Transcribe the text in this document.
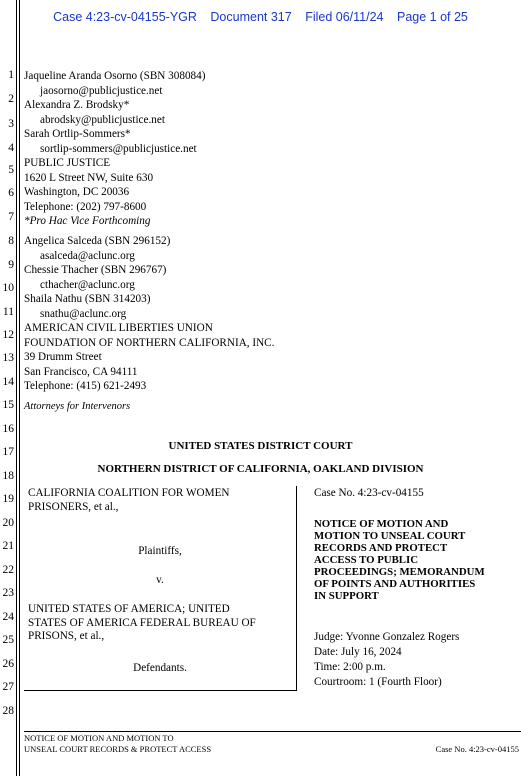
Case 4:23-cv-04155-YGR Document 317 Filed 06/11/24 Page 1 of 25
1
2
3
4
5
6
7
8
9
10
11
12
13
14
15
16
17
18
19
20
21
22
23
24
25
26
27
28
Jaqueline Aranda Osorno (SBN 308084)
jaosorno@publicjustice.net
Alexandra Z. Brodsky*
abrodsky@publicjustice.net
Sarah Ortlip-Sommers*
sortlip-sommers@publicjustice.net
PUBLIC JUSTICE
1620 L Street NW, Suite 630
Washington, DC 20036
Telephone: (202) 797-8600
*Pro Hac Vice Forthcoming
Angelica Salceda (SBN 296152)
asalceda@aclunc.org
Chessie Thacher (SBN 296767)
cthacher@aclunc.org
Shaila Nathu (SBN 314203)
snathu@aclunc.org
AMERICAN CIVIL LIBERTIES UNION
FOUNDATION OF NORTHERN CALIFORNIA, INC.
39 Drumm Street
San Francisco, CA 94111
Telephone: (415) 621-2493
Attorneys for Intervenors
UNITED STATES DISTRICT COURT
NORTHERN DISTRICT OF CALIFORNIA, OAKLAND DIVISION
CALIFORNIA COALITION FOR WOMEN
PRISONERS, et al.,
Plaintiffs,
v.
UNITED STATES OF AMERICA; UNITED
STATES OF AMERICA FEDERAL BUREAU OF
PRISONS, et al.,
Defendants.
Case No. 4:23-cv-04155
NOTICE OF MOTION AND
MOTION TO UNSEAL COURT
RECORDS AND PROTECT
ACCESS TO PUBLIC
PROCEEDINGS; MEMORANDUM
OF POINTS AND AUTHORITIES
IN SUPPORT
Judge: Yvonne Gonzalez Rogers
Date: July 16, 2024
Time: 2:00 p.m.
Courtroom: 1 (Fourth Floor)
NOTICE OF MOTION AND MOTION TO
UNSEAL COURT RECORDS & PROTECT ACCESS	Case No. 4:23-cv-04155
